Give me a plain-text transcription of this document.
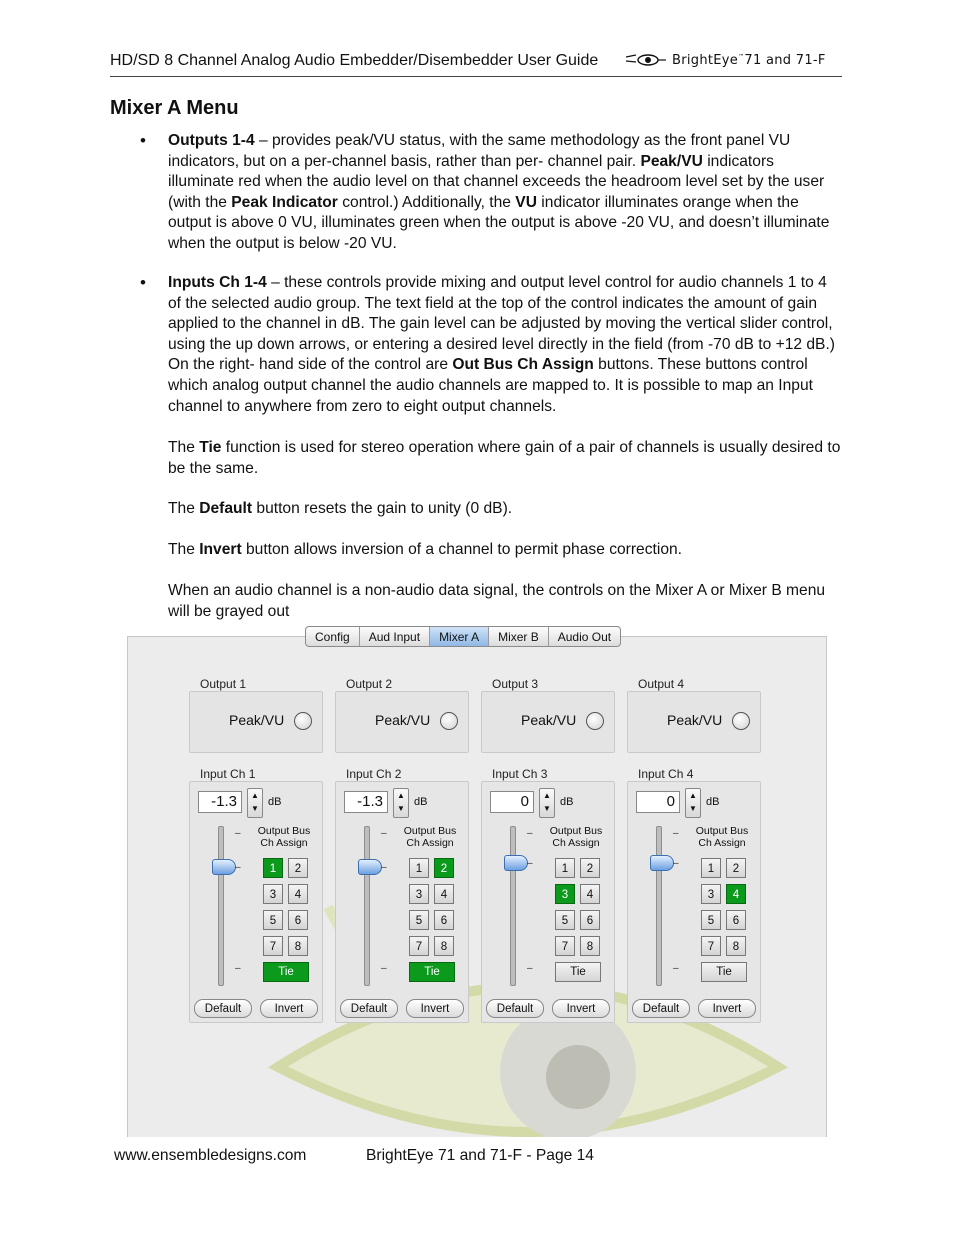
HD/SD 8 Channel Analog Audio Embedder/Disembedder User Guide	BrightEye™71 and 71-F
Mixer A Menu
• Outputs 1-4 – provides peak/VU status, with the same methodology as the front panel VU indicators, but on a per-channel basis, rather than per- channel pair. Peak/VU indicators illuminate red when the audio level on that channel exceeds the headroom level set by the user (with the Peak Indicator control.) Additionally, the VU indicator illuminates orange when the output is above 0 VU, illuminates green when the output is above -20 VU, and doesn’t illuminate when the output is below -20 VU.
• Inputs Ch 1-4 – these controls provide mixing and output level control for audio channels 1 to 4 of the selected audio group. The text field at the top of the control indicates the amount of gain applied to the channel in dB. The gain level can be adjusted by moving the vertical slider control, using the up down arrows, or entering a desired level directly in the field (from -70 dB to +12 dB.) On the right- hand side of the control are Out Bus Ch Assign buttons. These buttons control which analog output channel the audio channels are mapped to. It is possible to map an Input channel to anywhere from zero to eight output channels.
The Tie function is used for stereo operation where gain of a pair of channels is usually desired to be the same.
The Default button resets the gain to unity (0 dB).
The Invert button allows inversion of a channel to permit phase correction.
When an audio channel is a non-audio data signal, the controls on the Mixer A or Mixer B menu will be grayed out
Config	Aud Input	Mixer A	Mixer B	Audio Out
Output 1
Peak/VU
Input Ch 1
-1.3	▲
▼
dB
Output Bus
Ch Assign
–
–
–
1	2
3	4
5	6
7	8
Tie
Default	Invert
Output 2
Peak/VU
Input Ch 2
-1.3	▲
▼
dB
Output Bus
Ch Assign
–
–
–
1	2
3	4
5	6
7	8
Tie
Default	Invert
Output 3
Peak/VU
Input Ch 3
0	▲
▼
dB
Output Bus
Ch Assign
–
–
–
1	2
3	4
5	6
7	8
Tie
Default	Invert
Output 4
Peak/VU
Input Ch 4
0	▲
▼
dB
Output Bus
Ch Assign
–
–
–
1	2
3	4
5	6
7	8
Tie
Default	Invert
www.ensembledesigns.com	BrightEye 71 and 71-F - Page 14
